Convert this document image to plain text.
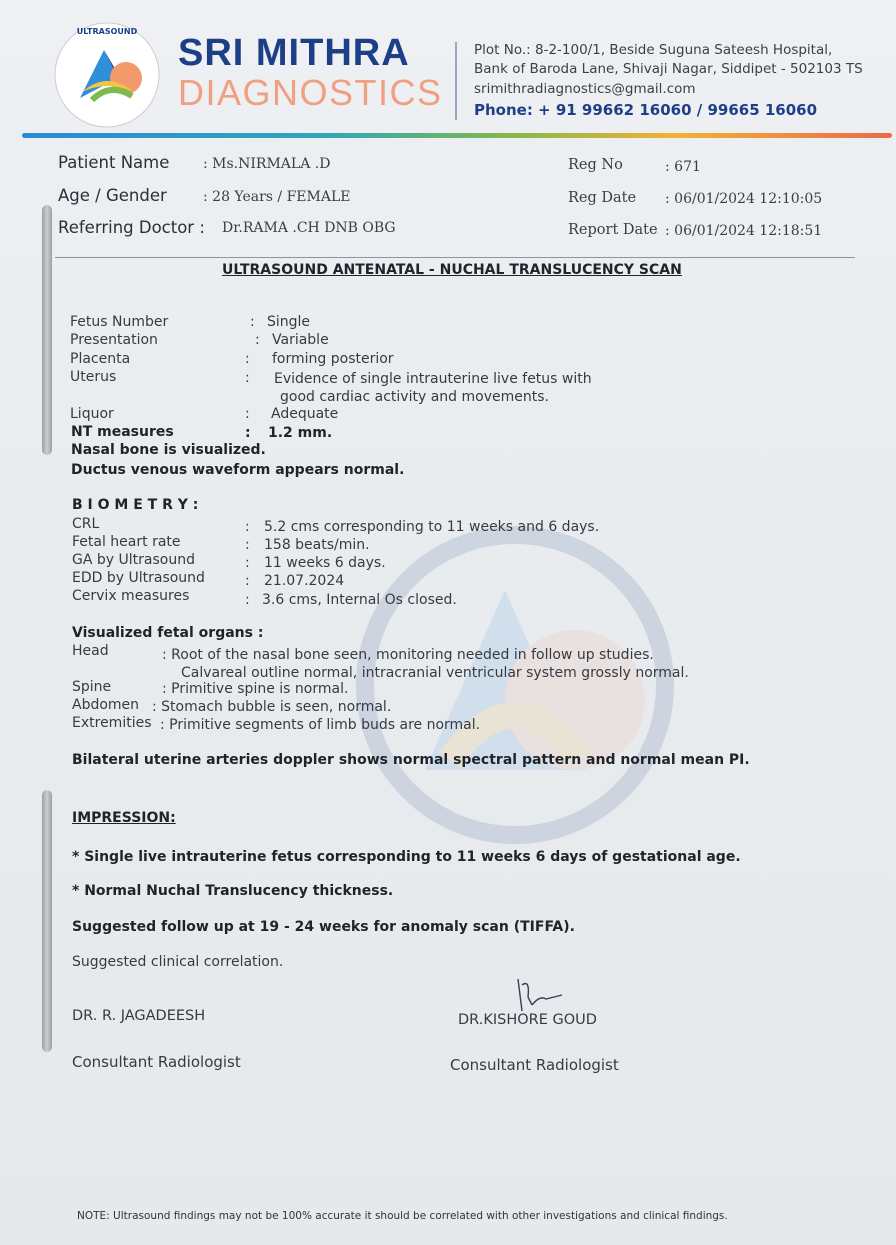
ULTRASOUND
SRI MITHRA
DIAGNOSTICS
Plot No.: 8-2-100/1, Beside Suguna Sateesh Hospital,
Bank of Baroda Lane, Shivaji Nagar, Siddipet - 502103 TS
srimithradiagnostics@gmail.com
Phone: + 91 99662 16060 / 99665 16060
Patient Name : Ms.NIRMALA .D
Age / Gender	: 28 Years / FEMALE
Referring Doctor : Dr.RAMA .CH DNB OBG
Reg No	: 671
Reg Date : 06/01/2024 12:10:05
Report Date : 06/01/2024 12:18:51
ULTRASOUND ANTENATAL - NUCHAL TRANSLUCENCY SCAN
Fetus Number	: Single
Presentation	: Variable
Placenta	: forming posterior
Uterus	: Evidence of single intrauterine live fetus with
good cardiac activity and movements.
Liquor	: Adequate
NT measures	: 1.2 mm.
Nasal bone is visualized.
Ductus venous waveform appears normal.
B I O M E T R Y :
CRL	: 5.2 cms corresponding to 11 weeks and 6 days.
Fetal heart rate	: 158 beats/min.
GA by Ultrasound	: 11 weeks 6 days.
EDD by Ultrasound	: 21.07.2024
Cervix measures	: 3.6 cms, Internal Os closed.
Visualized fetal organs :
Head	: Root of the nasal bone seen, monitoring needed in follow up studies.
Calvareal outline normal, intracranial ventricular system grossly normal.
Spine	: Primitive spine is normal.
Abdomen : Stomach bubble is seen, normal.
Extremities : Primitive segments of limb buds are normal.
Bilateral uterine arteries doppler shows normal spectral pattern and normal mean PI.
IMPRESSION:
* Single live intrauterine fetus corresponding to 11 weeks 6 days of gestational age.
* Normal Nuchal Translucency thickness.
Suggested follow up at 19 - 24 weeks for anomaly scan (TIFFA).
Suggested clinical correlation.
DR. R. JAGADEESH
Consultant Radiologist
DR.KISHORE GOUD
Consultant Radiologist
NOTE: Ultrasound findings may not be 100% accurate it should be correlated with other investigations and clinical findings.
